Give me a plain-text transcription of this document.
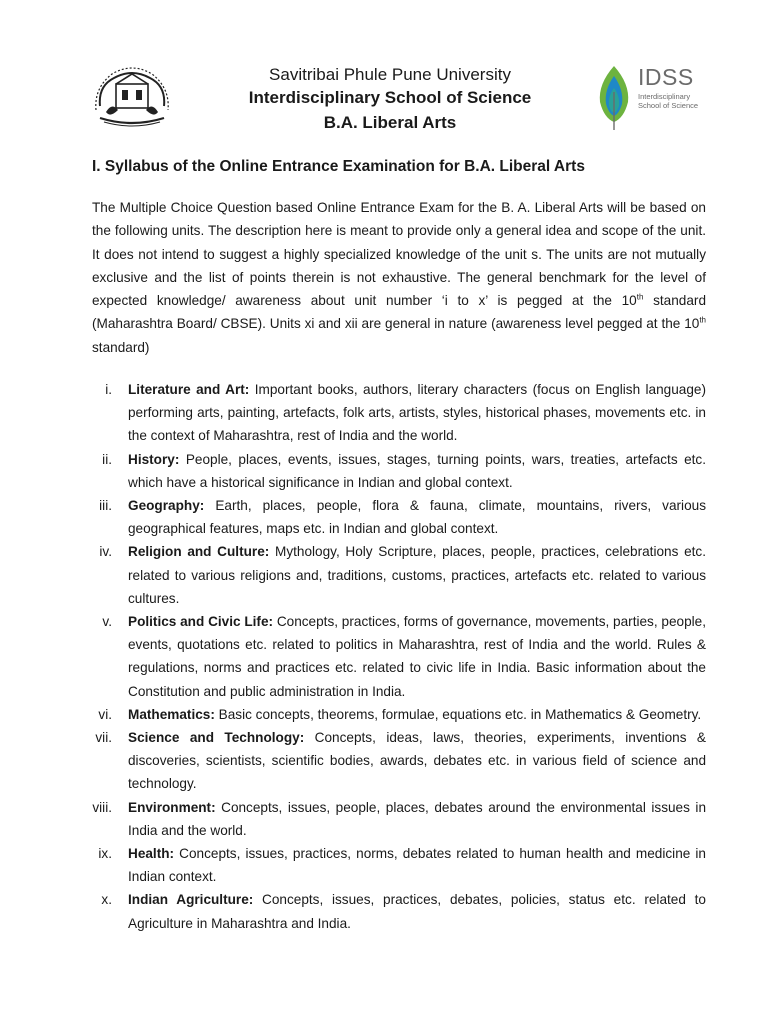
Savitribai Phule Pune University
Interdisciplinary School of Science
B.A. Liberal Arts
IDSS
Interdisciplinary
School of Science
I. Syllabus of the Online Entrance Examination for B.A. Liberal Arts
The Multiple Choice Question based Online Entrance Exam for the B. A. Liberal Arts will be based on the following units. The description here is meant to provide only a general idea and scope of the unit. It does not intend to suggest a highly specialized knowledge of the unit s. The units are not mutually exclusive and the list of points therein is not exhaustive. The general benchmark for the level of expected knowledge/ awareness about unit number ‘i to x’ is pegged at the 10th standard (Maharashtra Board/ CBSE). Units xi and xii are general in nature (awareness level pegged at the 10th standard)
i. Literature and Art: Important books, authors, literary characters (focus on English language) performing arts, painting, artefacts, folk arts, artists, styles, historical phases, movements etc. in the context of Maharashtra, rest of India and the world.
ii. History: People, places, events, issues, stages, turning points, wars, treaties, artefacts etc. which have a historical significance in Indian and global context.
iii. Geography: Earth, places, people, flora & fauna, climate, mountains, rivers, various geographical features, maps etc. in Indian and global context.
iv. Religion and Culture: Mythology, Holy Scripture, places, people, practices, celebrations etc. related to various religions and, traditions, customs, practices, artefacts etc. related to various cultures.
v. Politics and Civic Life: Concepts, practices, forms of governance, movements, parties, people, events, quotations etc. related to politics in Maharashtra, rest of India and the world. Rules & regulations, norms and practices etc. related to civic life in India. Basic information about the Constitution and public administration in India.
vi. Mathematics: Basic concepts, theorems, formulae, equations etc. in Mathematics & Geometry.
vii. Science and Technology: Concepts, ideas, laws, theories, experiments, inventions & discoveries, scientists, scientific bodies, awards, debates etc. in various field of science and technology.
viii. Environment: Concepts, issues, people, places, debates around the environmental issues in India and the world.
ix. Health: Concepts, issues, practices, norms, debates related to human health and medicine in Indian context.
x. Indian Agriculture: Concepts, issues, practices, debates, policies, status etc. related to Agriculture in Maharashtra and India.
